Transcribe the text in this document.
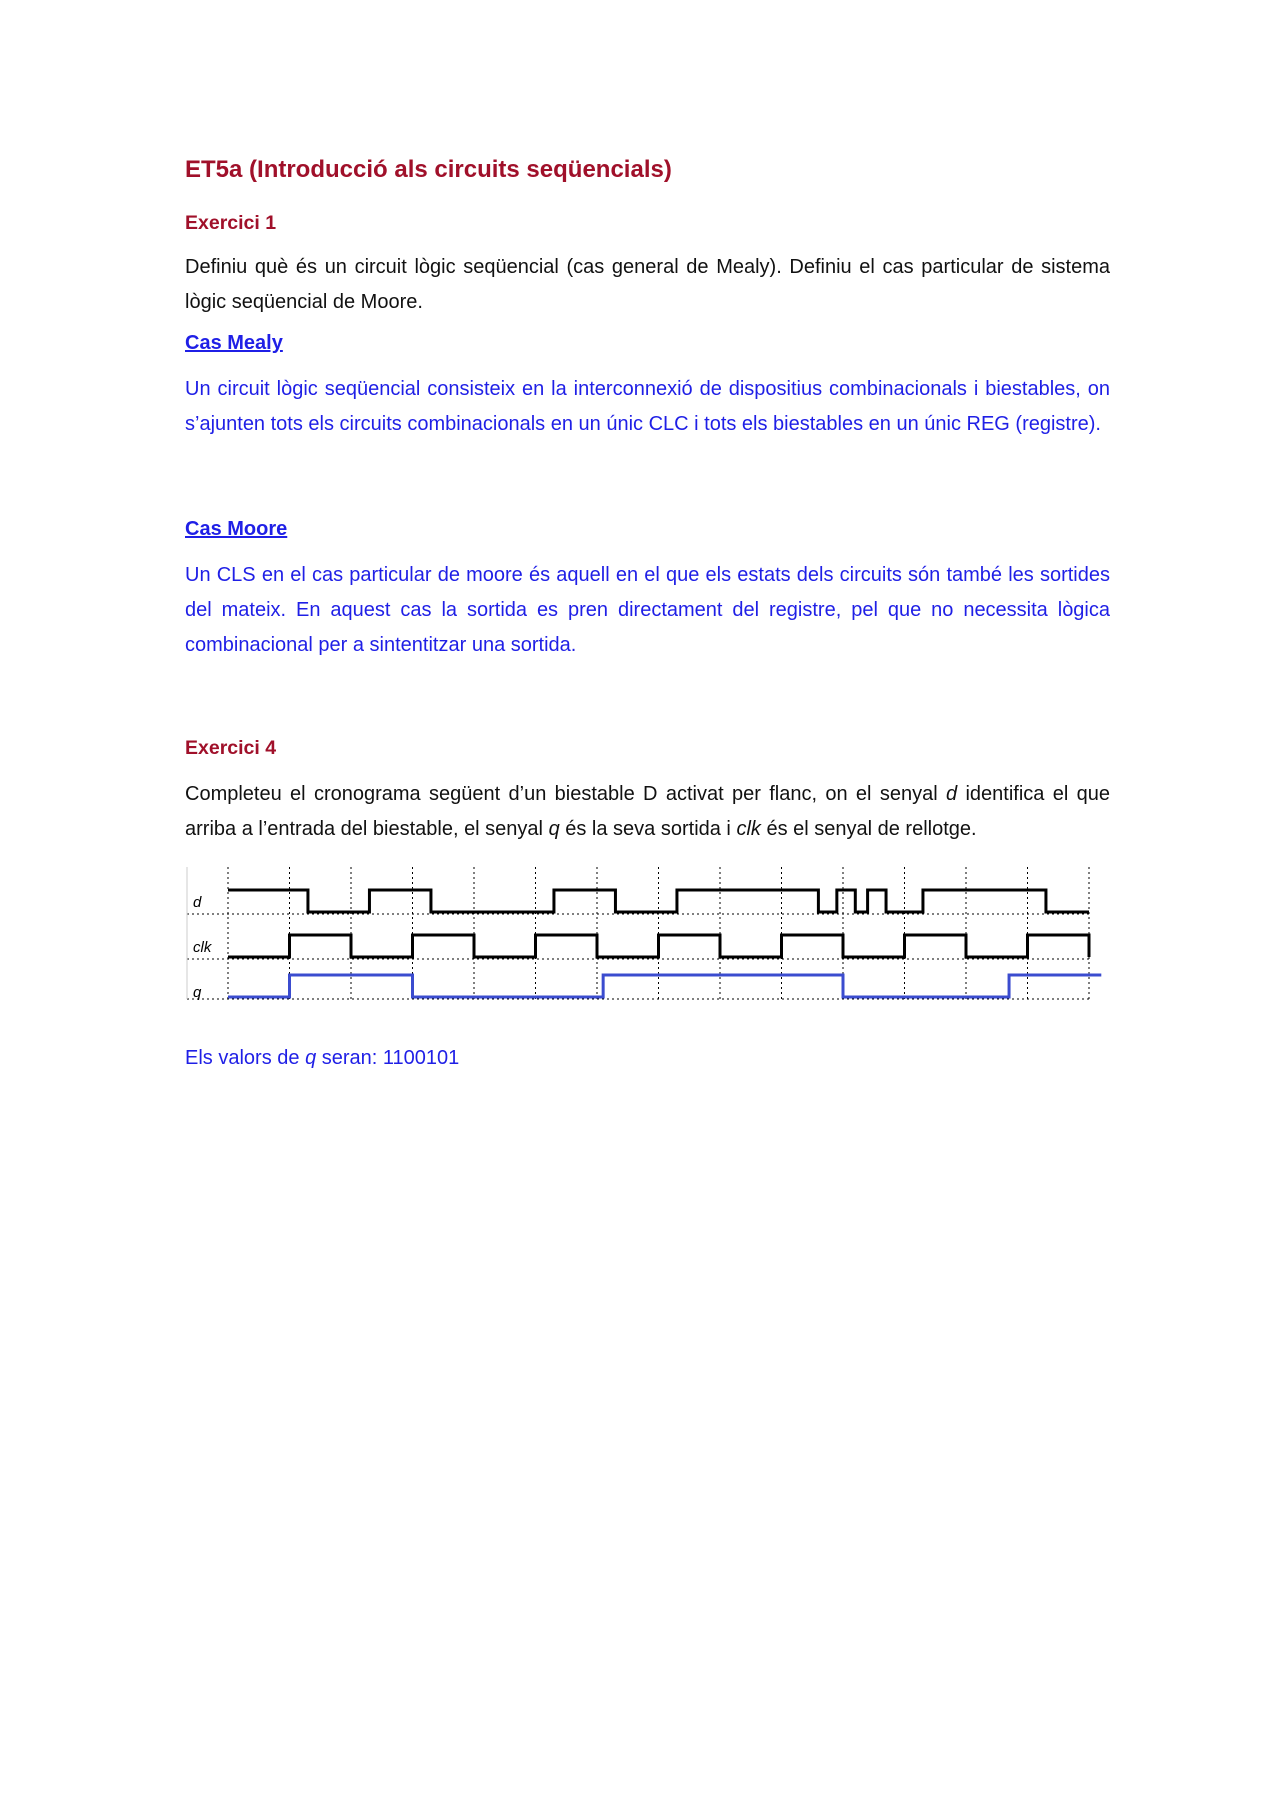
ET5a (Introducció als circuits seqüencials)
Exercici 1

Definiu què és un circuit lògic seqüencial (cas general de Mealy). Definiu el cas particular de sistema lògic seqüencial de Moore.

Cas Mealy

Un circuit lògic seqüencial consisteix en la interconnexió de dispositius combinacionals i biestables, on s’ajunten tots els circuits combinacionals en un únic CLC i tots els biestables en un únic REG (registre).

Cas Moore

Un CLS en el cas particular de moore és aquell en el que els estats dels circuits són també les sortides del mateix. En aquest cas la sortida es pren directament del registre, pel que no necessita lògica combinacional per a sintentitzar una sortida.

Exercici 4

Completeu el cronograma següent d’un biestable D activat per flanc, on el senyal d identifica el que arriba a l’entrada del biestable, el senyal q és la seva sortida i clk és el senyal de rellotge.

d
clk
q

Els valors de q seran: 1100101
